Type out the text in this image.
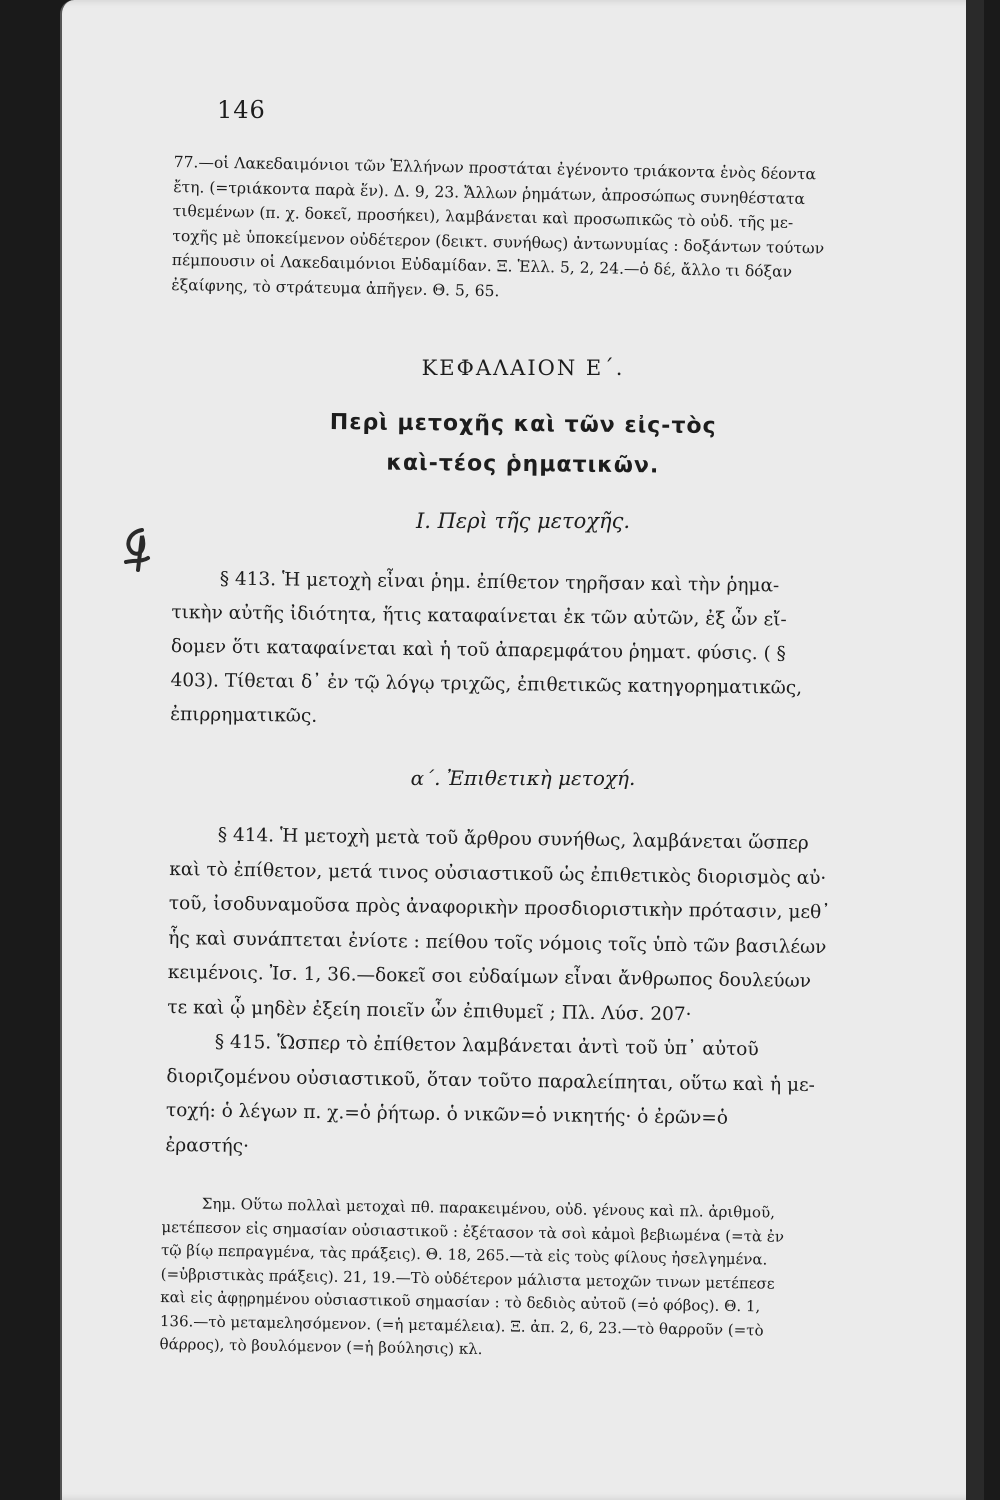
146
77.—οἱ Λακεδαιμόνιοι τῶν Ἑλλήνων προστάται ἐγένοντο τριάκοντα ἑνὸς δέοντα
ἔτη. (=τριάκοντα παρὰ ἕν). Δ. 9, 23. Ἄλλων ῥημάτων, ἀπροσώπως συνηθέστατα
τιθεμένων (π. χ. δοκεῖ, προσήκει), λαμβάνεται καὶ προσωπικῶς τὸ οὐδ. τῆς με-
τοχῆς μὲ ὑποκείμενον οὐδέτερον (δεικτ. συνήθως) ἀντωνυμίας : δοξάντων τούτων
πέμπουσιν οἱ Λακεδαιμόνιοι Εὐδαμίδαν. Ξ. Ἑλλ. 5, 2, 24.—ὁ δέ, ἄλλο τι δόξαν
ἐξαίφνης, τὸ στράτευμα ἀπῆγεν. Θ. 5, 65.
ΚΕΦΑΛΑΙΟΝ Ε΄.
Περὶ μετοχῆς καὶ τῶν εἰς-τὸς
καὶ-τέος ῥηματικῶν.
Ι. Περὶ τῆς μετοχῆς.
§ 413. Ἡ μετοχὴ εἶναι ῥημ. ἐπίθετον τηρῆσαν καὶ τὴν ῥημα-
τικὴν αὐτῆς ἰδιότητα, ἥτις καταφαίνεται ἐκ τῶν αὐτῶν, ἐξ ὧν εἴ-
δομεν ὅτι καταφαίνεται καὶ ἡ τοῦ ἀπαρεμφάτου ῥηματ. φύσις. ( §
403). Τίθεται δ᾽ ἐν τῷ λόγῳ τριχῶς, ἐπιθετικῶς κατηγορηματικῶς,
ἐπιρρηματικῶς.
α΄. Ἐπιθετικὴ μετοχή.
§ 414. Ἡ μετοχὴ μετὰ τοῦ ἄρθρου συνήθως, λαμβάνεται ὥσπερ
καὶ τὸ ἐπίθετον, μετά τινος οὐσιαστικοῦ ὡς ἐπιθετικὸς διορισμὸς αὐ·
τοῦ, ἰσοδυναμοῦσα πρὸς ἀναφορικὴν προσδιοριστικὴν πρότασιν, μεθ᾽
ἧς καὶ συνάπτεται ἐνίοτε : πείθου τοῖς νόμοις τοῖς ὑπὸ τῶν βασιλέων
κειμένοις. Ἰσ. 1, 36.—δοκεῖ σοι εὐδαίμων εἶναι ἄνθρωπος δουλεύων
τε καὶ ᾧ μηδὲν ἐξείη ποιεῖν ὧν ἐπιθυμεῖ ; Πλ. Λύσ. 207·
§ 415. Ὥσπερ τὸ ἐπίθετον λαμβάνεται ἀντὶ τοῦ ὑπ᾽ αὐτοῦ
διοριζομένου οὐσιαστικοῦ, ὅταν τοῦτο παραλείπηται, οὕτω καὶ ἡ με-
τοχή: ὁ λέγων π. χ.=ὁ ῥήτωρ. ὁ νικῶν=ὁ νικητής· ὁ ἐρῶν=ὁ
ἐραστής·
Σημ. Οὕτω πολλαὶ μετοχαὶ πθ. παρακειμένου, οὐδ. γένους καὶ πλ. ἀριθμοῦ,
μετέπεσον εἰς σημασίαν οὐσιαστικοῦ : ἐξέτασον τὰ σοὶ κἀμοὶ βεβιωμένα (=τὰ ἐν
τῷ βίῳ πεπραγμένα, τὰς πράξεις). Θ. 18, 265.—τὰ εἰς τοὺς φίλους ἠσελγημένα.
(=ὑβριστικὰς πράξεις). 21, 19.—Τὸ οὐδέτερον μάλιστα μετοχῶν τινων μετέπεσε
καὶ εἰς ἀφῃρημένου οὐσιαστικοῦ σημασίαν : τὸ δεδιὸς αὐτοῦ (=ὁ φόβος). Θ. 1,
136.—τὸ μεταμελησόμενον. (=ἡ μεταμέλεια). Ξ. ἀπ. 2, 6, 23.—τὸ θαρροῦν (=τὸ
θάρρος), τὸ βουλόμενον (=ἡ βούλησις) κλ.
